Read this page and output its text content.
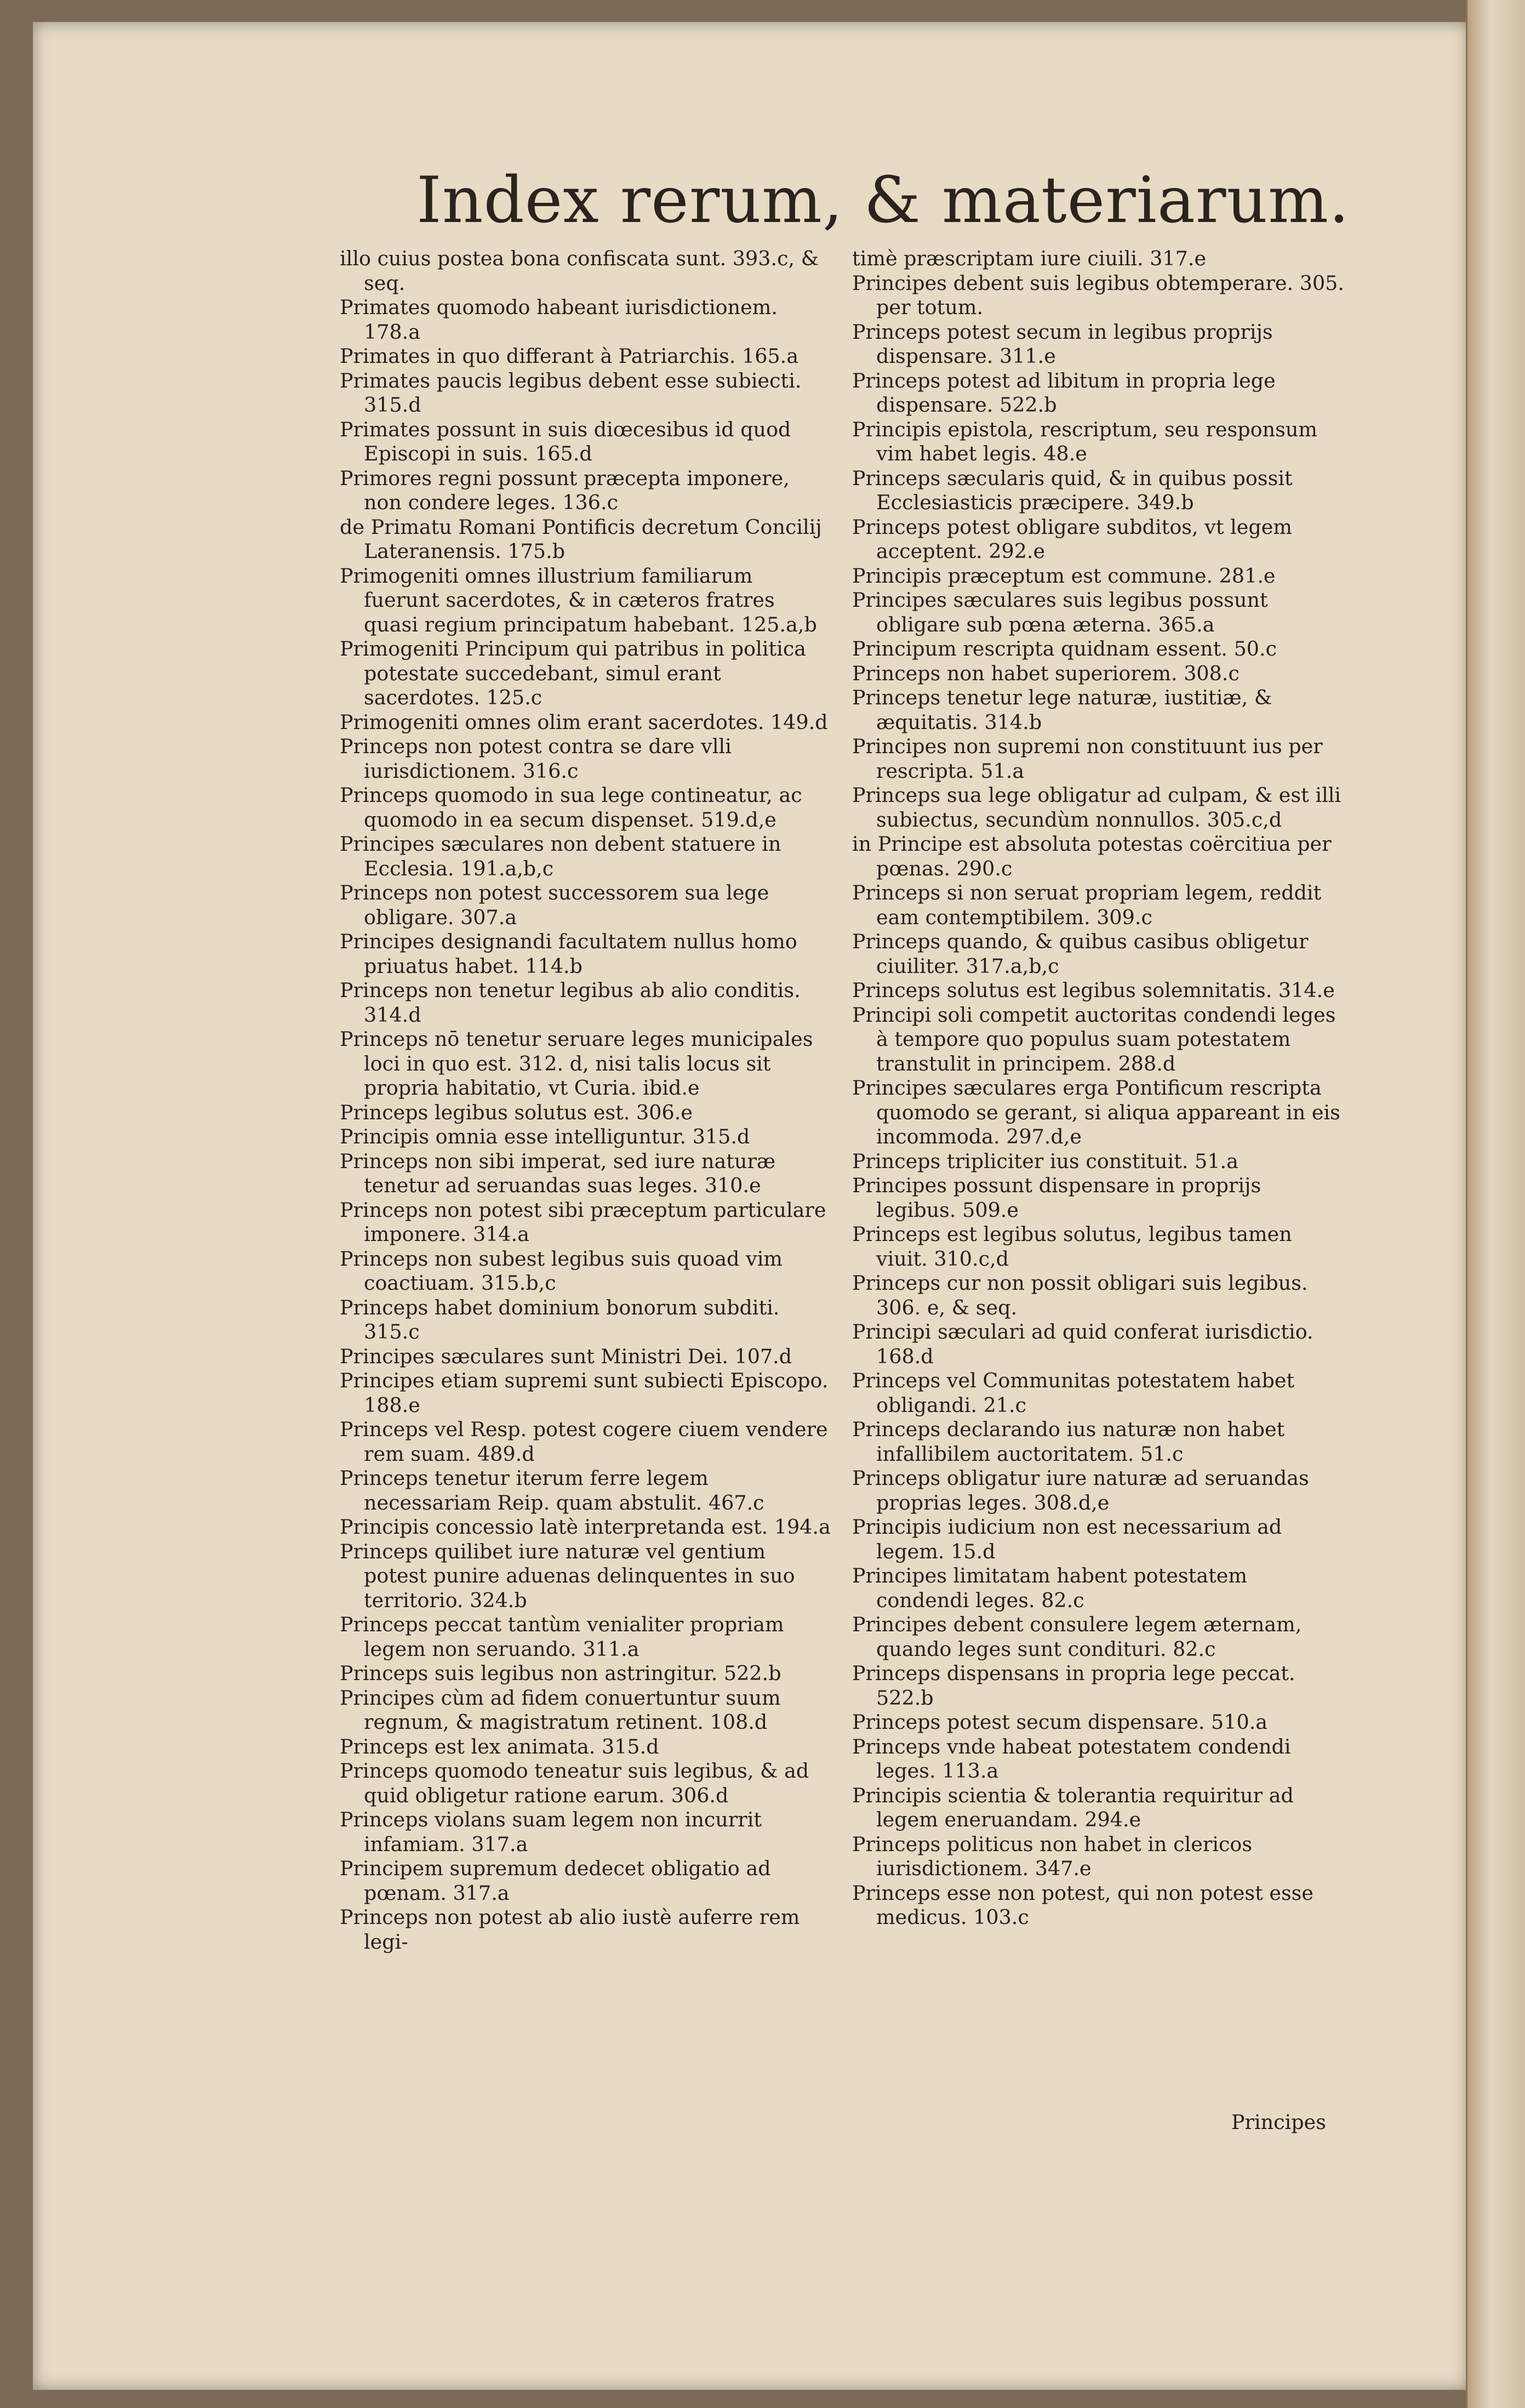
Index rerum, & materiarum.

illo cuius postea bona confiscata sunt. 393.c, & seq.

Primates quomodo habeant iurisdictionem. 178.a

Primates in quo differant à Patriarchis. 165.a

Primates paucis legibus debent esse subiecti. 315.d

Primates possunt in suis diœcesibus id quod Episcopi in suis. 165.d

Primores regni possunt præcepta imponere, non condere leges. 136.c

de Primatu Romani Pontificis decretum Concilij Lateranensis. 175.b

Primogeniti omnes illustrium familiarum fuerunt sacerdotes, & in cæteros fratres quasi regium principatum habebant. 125.a,b

Primogeniti Principum qui patribus in politica potestate succedebant, simul erant sacerdotes. 125.c

Primogeniti omnes olim erant sacerdotes. 149.d

Princeps non potest contra se dare vlli iurisdictionem. 316.c

Princeps quomodo in sua lege contineatur, ac quomodo in ea secum dispenset. 519.d,e

Principes sæculares non debent statuere in Ecclesia. 191.a,b,c

Princeps non potest successorem sua lege obligare. 307.a

Principes designandi facultatem nullus homo priuatus habet. 114.b

Princeps non tenetur legibus ab alio conditis. 314.d

Princeps nō tenetur seruare leges municipales loci in quo est. 312. d, nisi talis locus sit propria habitatio, vt Curia. ibid.e

Princeps legibus solutus est. 306.e

Principis omnia esse intelliguntur. 315.d

Princeps non sibi imperat, sed iure naturæ tenetur ad seruandas suas leges. 310.e

Princeps non potest sibi præceptum particulare imponere. 314.a

Princeps non subest legibus suis quoad vim coactiuam. 315.b,c

Princeps habet dominium bonorum subditi. 315.c

Principes sæculares sunt Ministri Dei. 107.d

Principes etiam supremi sunt subiecti Episcopo. 188.e

Princeps vel Resp. potest cogere ciuem vendere rem suam. 489.d

Princeps tenetur iterum ferre legem necessariam Reip. quam abstulit. 467.c

Principis concessio latè interpretanda est. 194.a

Princeps quilibet iure naturæ vel gentium potest punire aduenas delinquentes in suo territorio. 324.b

Princeps peccat tantùm venialiter propriam legem non seruando. 311.a

Princeps suis legibus non astringitur. 522.b

Principes cùm ad fidem conuertuntur suum regnum, & magistratum retinent. 108.d

Princeps est lex animata. 315.d

Princeps quomodo teneatur suis legibus, & ad quid obligetur ratione earum. 306.d

Princeps violans suam legem non incurrit infamiam. 317.a

Principem supremum dedecet obligatio ad pœnam. 317.a

Princeps non potest ab alio iustè auferre rem legi-

timè præscriptam iure ciuili. 317.e

Principes debent suis legibus obtemperare. 305. per totum.

Princeps potest secum in legibus proprijs dispensare. 311.e

Princeps potest ad libitum in propria lege dispensare. 522.b

Principis epistola, rescriptum, seu responsum vim habet legis. 48.e

Princeps sæcularis quid, & in quibus possit Ecclesiasticis præcipere. 349.b

Princeps potest obligare subditos, vt legem acceptent. 292.e

Principis præceptum est commune. 281.e

Principes sæculares suis legibus possunt obligare sub pœna æterna. 365.a

Principum rescripta quidnam essent. 50.c

Princeps non habet superiorem. 308.c

Princeps tenetur lege naturæ, iustitiæ, & æquitatis. 314.b

Principes non supremi non constituunt ius per rescripta. 51.a

Princeps sua lege obligatur ad culpam, & est illi subiectus, secundùm nonnullos. 305.c,d

in Principe est absoluta potestas coërcitiua per pœnas. 290.c

Princeps si non seruat propriam legem, reddit eam contemptibilem. 309.c

Princeps quando, & quibus casibus obligetur ciuiliter. 317.a,b,c

Princeps solutus est legibus solemnitatis. 314.e

Principi soli competit auctoritas condendi leges à tempore quo populus suam potestatem transtulit in principem. 288.d

Principes sæculares erga Pontificum rescripta quomodo se gerant, si aliqua appareant in eis incommoda. 297.d,e

Princeps tripliciter ius constituit. 51.a

Principes possunt dispensare in proprijs legibus. 509.e

Princeps est legibus solutus, legibus tamen viuit. 310.c,d

Princeps cur non possit obligari suis legibus. 306. e, & seq.

Principi sæculari ad quid conferat iurisdictio. 168.d

Princeps vel Communitas potestatem habet obligandi. 21.c

Princeps declarando ius naturæ non habet infallibilem auctoritatem. 51.c

Princeps obligatur iure naturæ ad seruandas proprias leges. 308.d,e

Principis iudicium non est necessarium ad legem. 15.d

Principes limitatam habent potestatem condendi leges. 82.c

Principes debent consulere legem æternam, quando leges sunt condituri. 82.c

Princeps dispensans in propria lege peccat. 522.b

Princeps potest secum dispensare. 510.a

Princeps vnde habeat potestatem condendi leges. 113.a

Principis scientia & tolerantia requiritur ad legem eneruandam. 294.e

Princeps politicus non habet in clericos iurisdictionem. 347.e

Princeps esse non potest, qui non potest esse medicus. 103.c

Principes
